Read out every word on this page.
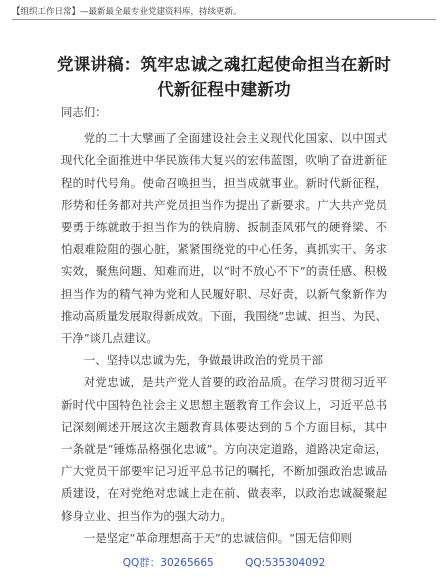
【组织工作日常】—最新最全最专业党建资料库，持续更新。
党课讲稿：筑牢忠诚之魂扛起使命担当在新时
代新征程中建新功

同志们：

党的二十大擘画了全面建设社会主义现代化国家、以中国式现代化全面推进中华民族伟大复兴的宏伟蓝图，吹响了奋进新征程的时代号角。使命召唤担当，担当成就事业。新时代新征程，形势和任务都对共产党员担当作为提出了新要求。广大共产党员要勇于练就敢于担当作为的铁肩膀、扳制歪风邪气的硬脊梁、不怕艰难险阻的强心脏，紧紧围绕党的中心任务，真抓实干、务求实效，聚焦问题、知难而进，以“时不放心不下”的责任感、积极担当作为的精气神为党和人民履好职、尽好责，以新气象新作为推动高质量发展取得新成效。下面，我围绕“忠诚、担当、为民、干净”谈几点建议。

一、坚持以忠诚为先，争做最讲政治的党员干部

对党忠诚，是共产党人首要的政治品质。在学习贯彻习近平新时代中国特色社会主义思想主题教育工作会议上，习近平总书记深刻阐述开展这次主题教育具体要达到的５个方面目标，其中一条就是“锤炼品格强化忠诚”。方向决定道路，道路决定命运，广大党员干部要牢记习近平总书记的嘱托，不断加强政治忠诚品质建设，在对党绝对忠诚上走在前、做表率，以政治忠诚凝聚起修身立业、担当作为的强大动力。

一是坚定“革命理想高于天”的忠诚信仰。“国无信仰则

QQ群：30265665	QQ:535304092
